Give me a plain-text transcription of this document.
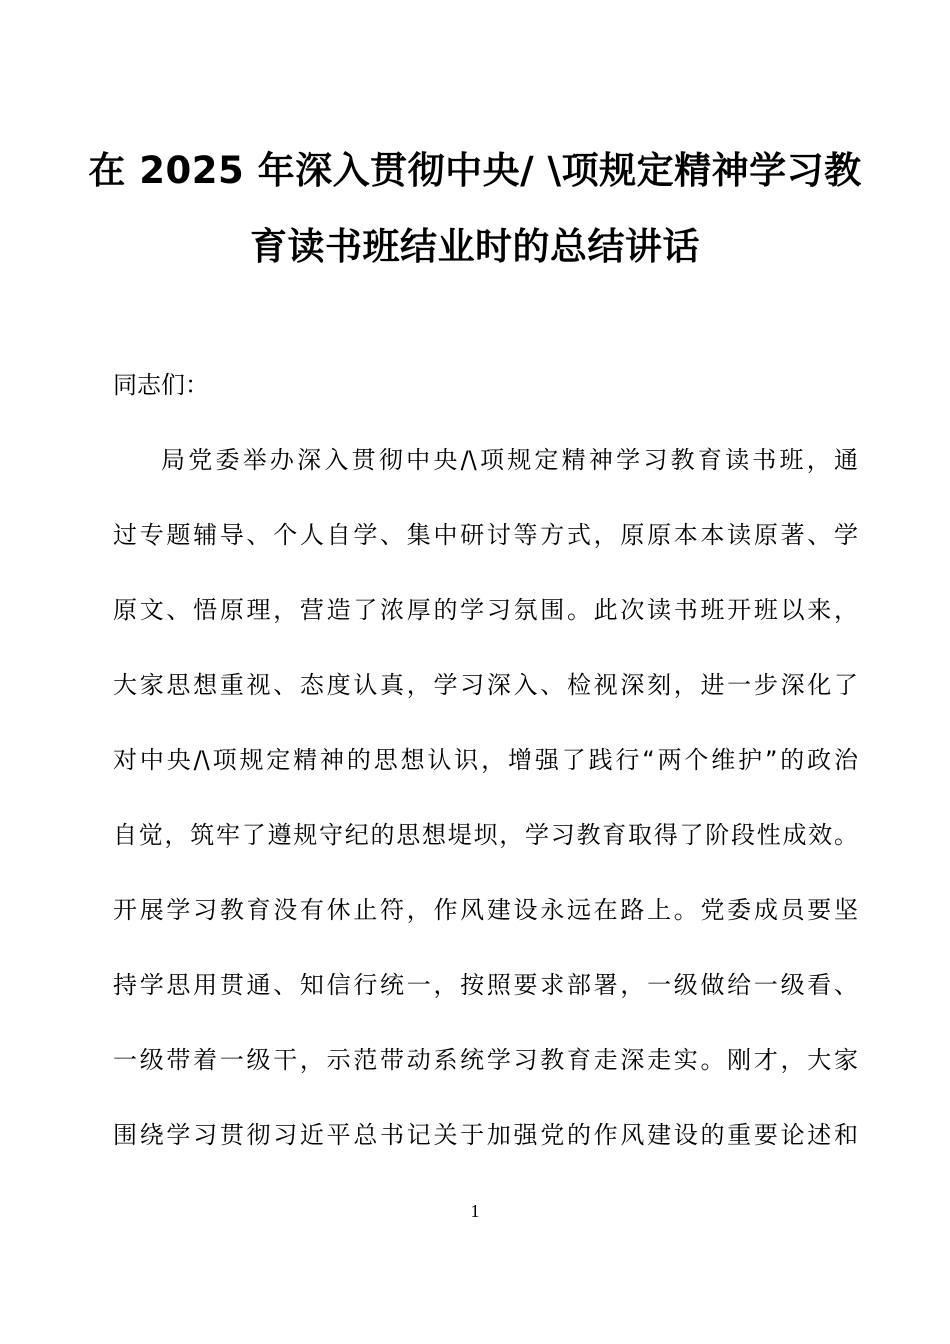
在 2025 年深入贯彻中央/ \项规定精神学习教
育读书班结业时的总结讲话
同志们：
局党委举办深入贯彻中央/\项规定精神学习教育读书班，通
过专题辅导、个人自学、集中研讨等方式，原原本本读原著、学
原文、悟原理，营造了浓厚的学习氛围。此次读书班开班以来，
大家思想重视、态度认真，学习深入、检视深刻，进一步深化了
对中央/\项规定精神的思想认识，增强了践行“两个维护”的政治
自觉，筑牢了遵规守纪的思想堤坝，学习教育取得了阶段性成效。
开展学习教育没有休止符，作风建设永远在路上。党委成员要坚
持学思用贯通、知信行统一，按照要求部署，一级做给一级看、
一级带着一级干，示范带动系统学习教育走深走实。刚才，大家
围绕学习贯彻习近平总书记关于加强党的作风建设的重要论述和
1
